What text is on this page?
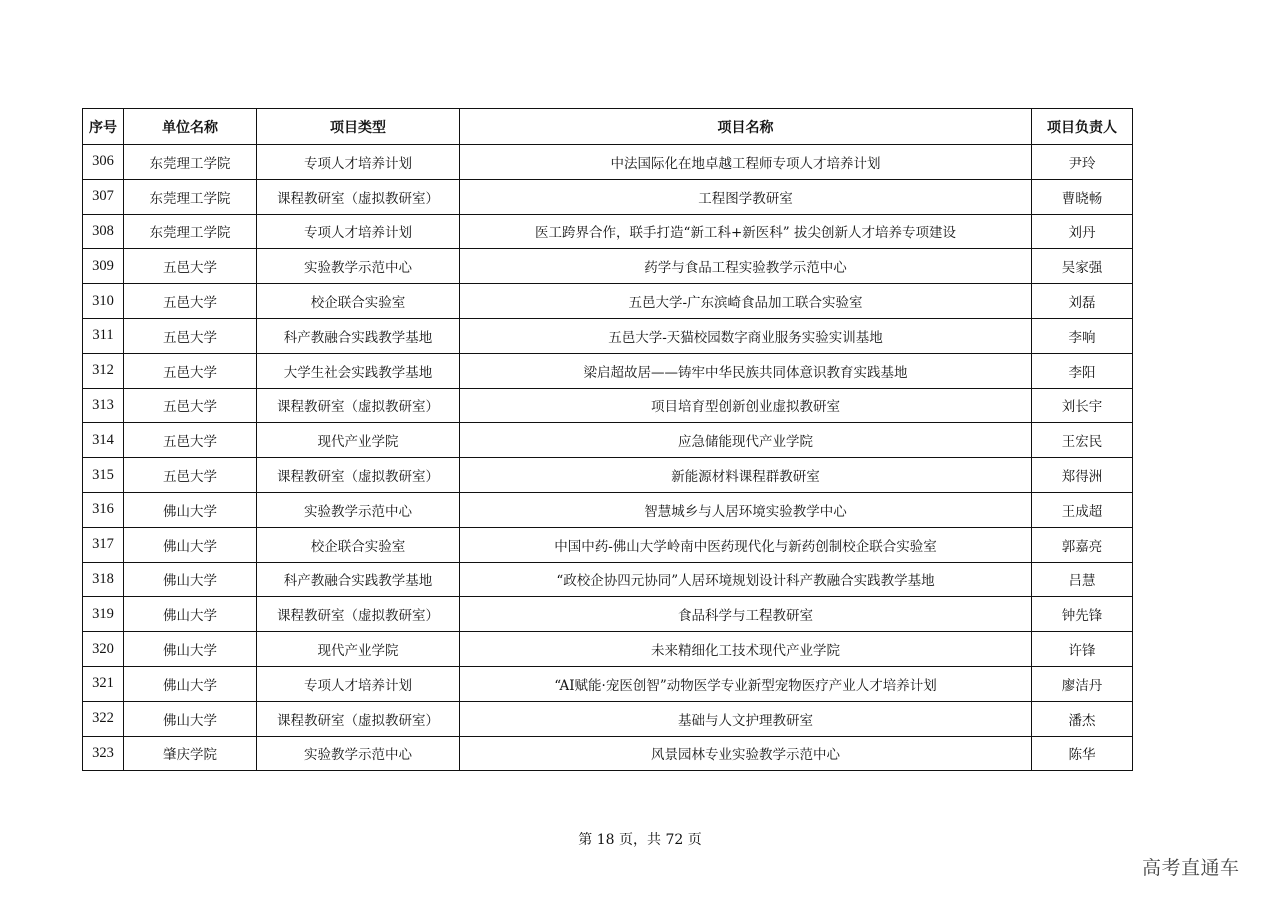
序号	单位名称	项目类型	项目名称	项目负责人
306	东莞理工学院	专项人才培养计划	中法国际化在地卓越工程师专项人才培养计划	尹玲
307	东莞理工学院	课程教研室（虚拟教研室）	工程图学教研室	曹晓畅
308	东莞理工学院	专项人才培养计划	医工跨界合作，联手打造“新工科+新医科” 拔尖创新人才培养专项建设	刘丹
309	五邑大学	实验教学示范中心	药学与食品工程实验教学示范中心	吴家强
310	五邑大学	校企联合实验室	五邑大学-广东滨崎食品加工联合实验室	刘磊
311	五邑大学	科产教融合实践教学基地	五邑大学-天猫校园数字商业服务实验实训基地	李响
312	五邑大学	大学生社会实践教学基地	梁启超故居——铸牢中华民族共同体意识教育实践基地	李阳
313	五邑大学	课程教研室（虚拟教研室）	项目培育型创新创业虚拟教研室	刘长宇
314	五邑大学	现代产业学院	应急储能现代产业学院	王宏民
315	五邑大学	课程教研室（虚拟教研室）	新能源材料课程群教研室	郑得洲
316	佛山大学	实验教学示范中心	智慧城乡与人居环境实验教学中心	王成超
317	佛山大学	校企联合实验室	中国中药-佛山大学岭南中医药现代化与新药创制校企联合实验室	郭嘉亮
318	佛山大学	科产教融合实践教学基地	“政校企协四元协同”人居环境规划设计科产教融合实践教学基地	吕慧
319	佛山大学	课程教研室（虚拟教研室）	食品科学与工程教研室	钟先锋
320	佛山大学	现代产业学院	未来精细化工技术现代产业学院	许锋
321	佛山大学	专项人才培养计划	“AI赋能·宠医创智”动物医学专业新型宠物医疗产业人才培养计划	廖洁丹
322	佛山大学	课程教研室（虚拟教研室）	基础与人文护理教研室	潘杰
323	肇庆学院	实验教学示范中心	风景园林专业实验教学示范中心	陈华
第 18 页，共 72 页
高考直通车
